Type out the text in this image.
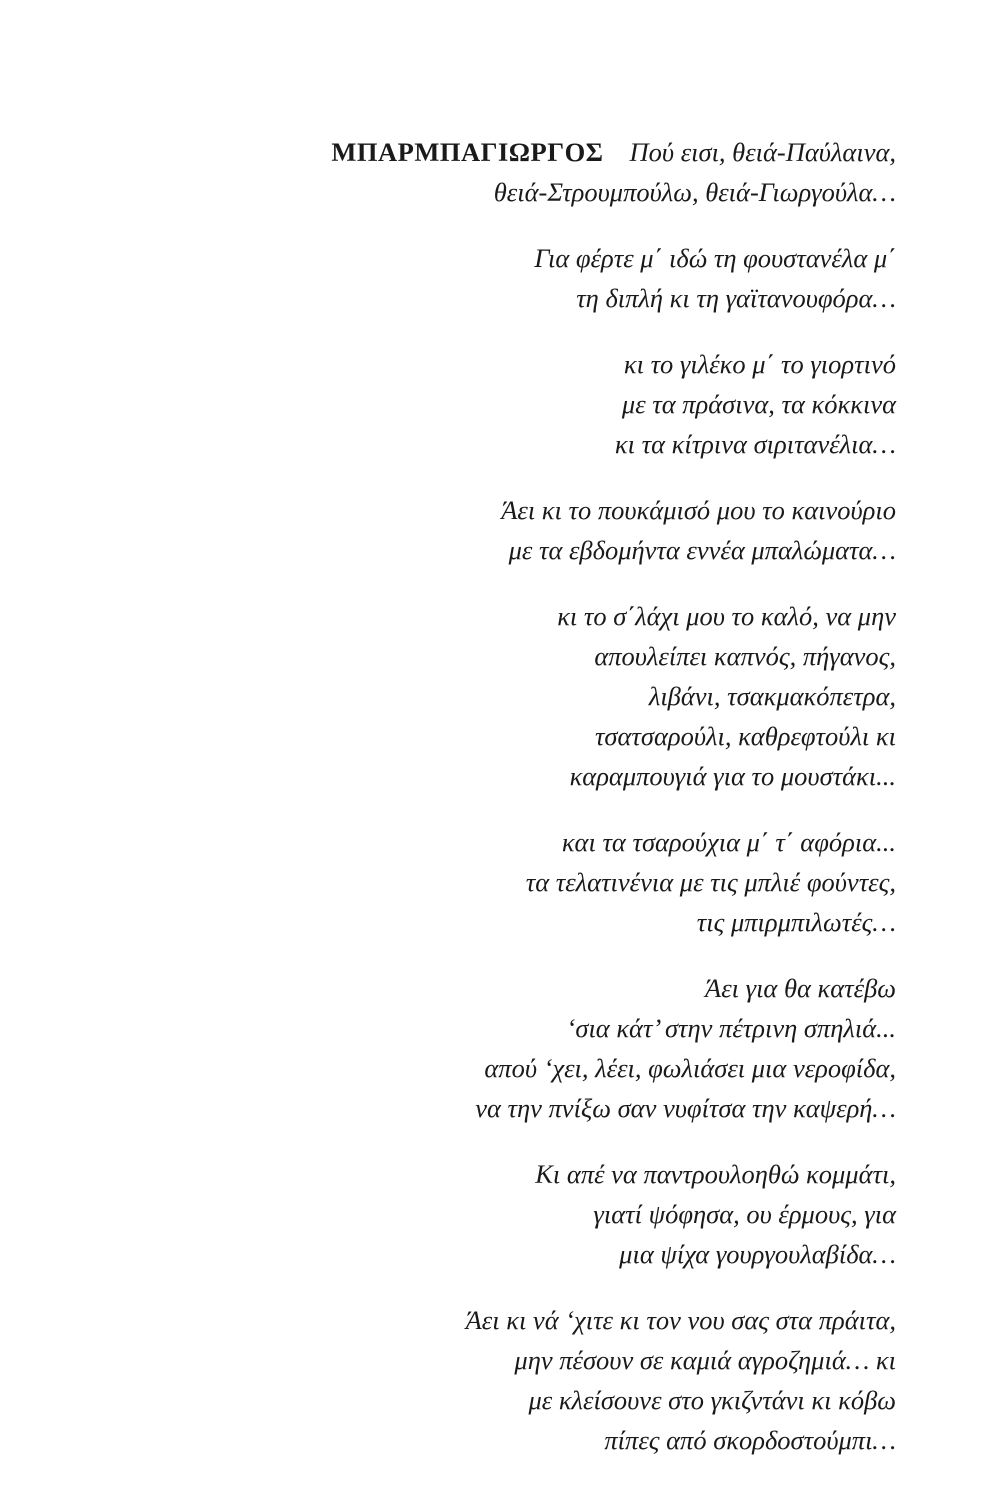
ΜΠΑΡΜΠΑΓΙΩΡΓΟΣ Πού εισι, θειά-Παύλαινα,
θειά-Στρουμπούλω, θειά-Γιωργούλα…
Για φέρτε μ΄ ιδώ τη φουστανέλα μ΄
τη διπλή κι τη γαϊτανουφόρα…
κι το γιλέκο μ΄ το γιορτινό
με τα πράσινα, τα κόκκινα
κι τα κίτρινα σιριτανέλια…
Άει κι το πουκάμισό μου το καινούριο
με τα εβδομήντα εννέα μπαλώματα…
κι το σ΄λάχι μου το καλό, να μην
απουλείπει καπνός, πήγανος,
λιβάνι, τσακμακόπετρα,
τσατσαρούλι, καθρεφτούλι κι
καραμπουγιά για το μουστάκι...
και τα τσαρούχια μ΄ τ΄ αφόρια...
τα τελατινένια με τις μπλιέ φούντες,
τις μπιρμπιλωτές…
Άει για θα κατέβω
‘σια κάτ’ στην πέτρινη σπηλιά...
απού ‘χει, λέει, φωλιάσει μια νεροφίδα,
να την πνίξω σαν νυφίτσα την καψερή…
Κι απέ να παντρουλοηθώ κομμάτι,
γιατί ψόφησα, ου έρμους, για
μια ψίχα γουργουλαβίδα…
Άει κι νά ‘χιτε κι τον νου σας στα πράιτα,
μην πέσουν σε καμιά αγροζημιά… κι
με κλείσουνε στο γκιζντάνι κι κόβω
πίπες από σκορδοστούμπι…
